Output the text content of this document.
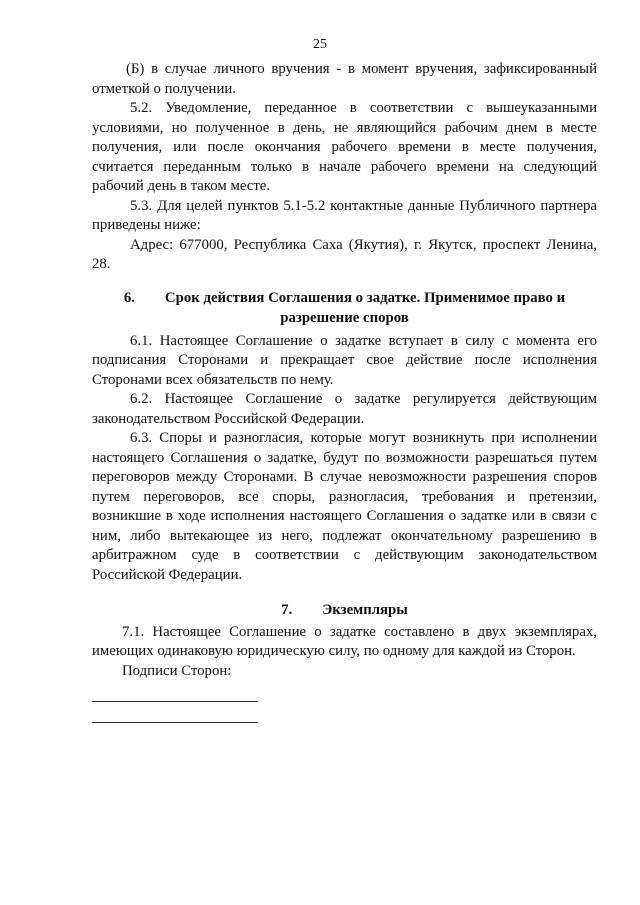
25

(Б) в случае личного вручения - в момент вручения, зафиксированный отметкой о получении.

5.2. Уведомление, переданное в соответствии с вышеуказанными условиями, но полученное в день, не являющийся рабочим днем в месте получения, или после окончания рабочего времени в месте получения, считается переданным только в начале рабочего времени на следующий рабочий день в таком месте.

5.3. Для целей пунктов 5.1-5.2 контактные данные Публичного партнера приведены ниже:

Адрес: 677000, Республика Саха (Якутия), г. Якутск, проспект Ленина, 28.

6. Срок действия Соглашения о задатке. Применимое право и разрешение споров

6.1. Настоящее Соглашение о задатке вступает в силу с момента его подписания Сторонами и прекращает свое действие после исполнения Сторонами всех обязательств по нему.

6.2. Настоящее Соглашение о задатке регулируется действующим законодательством Российской Федерации.

6.3. Споры и разногласия, которые могут возникнуть при исполнении настоящего Соглашения о задатке, будут по возможности разрешаться путем переговоров между Сторонами. В случае невозможности разрешения споров путем переговоров, все споры, разногласия, требования и претензии, возникшие в ходе исполнения настоящего Соглашения о задатке или в связи с ним, либо вытекающее из него, подлежат окончательному разрешению в арбитражном суде в соответствии с действующим законодательством Российской Федерации.

7. Экземпляры

7.1. Настоящее Соглашение о задатке составлено в двух экземплярах, имеющих одинаковую юридическую силу, по одному для каждой из Сторон.

Подписи Сторон:
